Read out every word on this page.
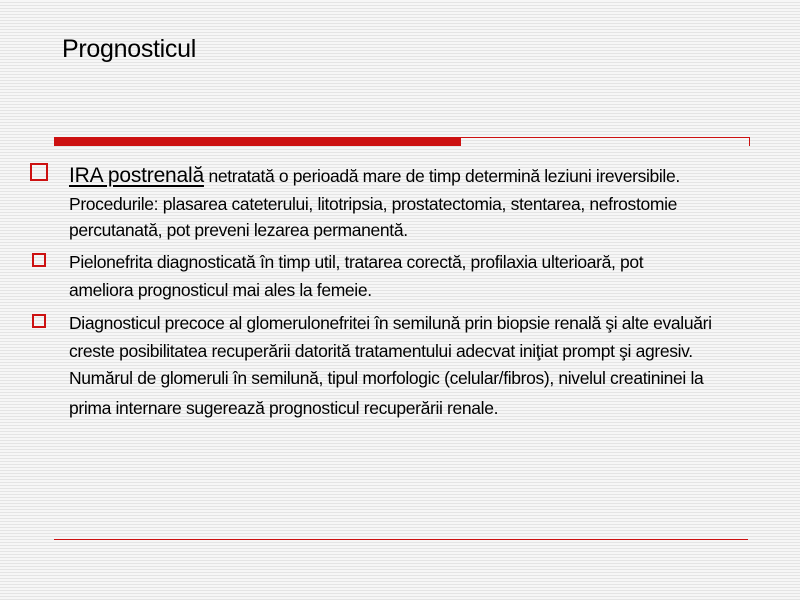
Prognosticul
IRA postrenală netratată o perioadă mare de timp determină leziuni ireversibile.
Procedurile: plasarea cateterului, litotripsia, prostatectomia, stentarea, nefrostomie
percutanată, pot preveni lezarea permanentă.
Pielonefrita diagnosticată în timp util, tratarea corectă, profilaxia ulterioară, pot
ameliora prognosticul mai ales la femeie.
Diagnosticul precoce al glomerulonefritei în semilună prin biopsie renală şi alte evaluări
creste posibilitatea recuperării datorită tratamentului adecvat iniţiat prompt şi agresiv.
Numărul de glomeruli în semilună, tipul morfologic (celular/fibros), nivelul creatininei la
prima internare sugerează prognosticul recuperării renale.
